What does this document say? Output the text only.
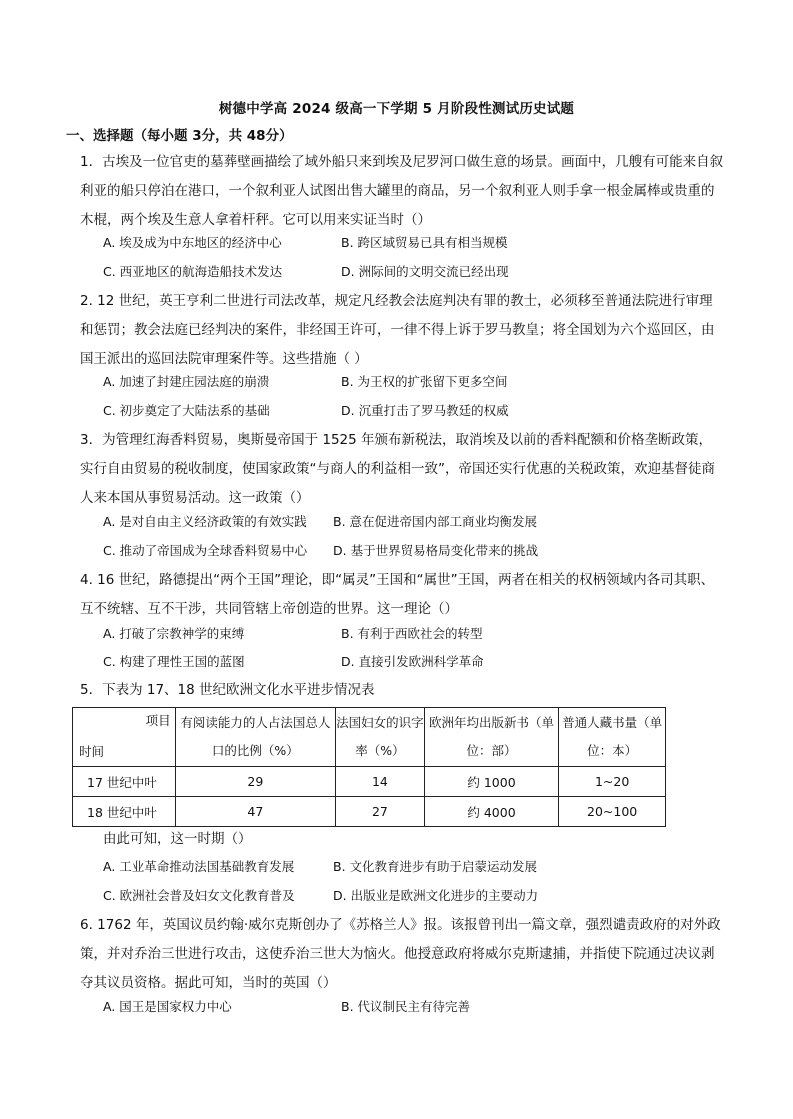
树德中学高 2024 级高一下学期 5 月阶段性测试历史试题
一、选择题（每小题 3分，共 48分）
1．古埃及一位官吏的墓葬壁画描绘了域外船只来到埃及尼罗河口做生意的场景。画面中，几艘有可能来自叙利亚的船只停泊在港口，一个叙利亚人试图出售大罐里的商品，另一个叙利亚人则手拿一根金属棒或贵重的木棍，两个埃及生意人拿着杆秤。它可以用来实证当时（）
A. 埃及成为中东地区的经济中心	B. 跨区域贸易已具有相当规模
C. 西亚地区的航海造船技术发达	D. 洲际间的文明交流已经出现
2. 12 世纪，英王亨利二世进行司法改革，规定凡经教会法庭判决有罪的教士，必须移至普通法院进行审理和惩罚；教会法庭已经判决的案件，非经国王许可，一律不得上诉于罗马教皇；将全国划为六个巡回区，由国王派出的巡回法院审理案件等。这些措施（ ）
A. 加速了封建庄园法庭的崩溃	B. 为王权的扩张留下更多空间
C. 初步奠定了大陆法系的基础	D. 沉重打击了罗马教廷的权威
3．为管理红海香料贸易，奥斯曼帝国于 1525 年颁布新税法，取消埃及以前的香料配额和价格垄断政策，实行自由贸易的税收制度，使国家政策“与商人的利益相一致”，帝国还实行优惠的关税政策，欢迎基督徒商人来本国从事贸易活动。这一政策（）
A. 是对自由主义经济政策的有效实践 B. 意在促进帝国内部工商业均衡发展
C. 推动了帝国成为全球香料贸易中心 D. 基于世界贸易格局变化带来的挑战
4. 16 世纪，路德提出“两个王国”理论，即“属灵”王国和“属世”王国，两者在相关的权柄领域内各司其职、互不统辖、互不干涉，共同管辖上帝创造的世界。这一理论（）
A. 打破了宗教神学的束缚	B. 有利于西欧社会的转型
C. 构建了理性王国的蓝图	D. 直接引发欧洲科学革命
5．下表为 17、18 世纪欧洲文化水平进步情况表
项目
时间	有阅读能力的人占法国总人口的比例（%）	法国妇女的识字率（%）	欧洲年均出版新书（单位：部）	普通人藏书量（单位：本）
17 世纪中叶	29	14	约 1000	1~20
18 世纪中叶	47	27	约 4000	20~100
由此可知，这一时期（）
A. 工业革命推动法国基础教育发展	B. 文化教育进步有助于启蒙运动发展
C. 欧洲社会普及妇女文化教育普及	D. 出版业是欧洲文化进步的主要动力
6. 1762 年，英国议员约翰·威尔克斯创办了《苏格兰人》报。该报曾刊出一篇文章，强烈谴责政府的对外政策，并对乔治三世进行攻击，这使乔治三世大为恼火。他授意政府将威尔克斯逮捕，并指使下院通过决议剥夺其议员资格。据此可知，当时的英国（）
A. 国王是国家权力中心	B. 代议制民主有待完善
